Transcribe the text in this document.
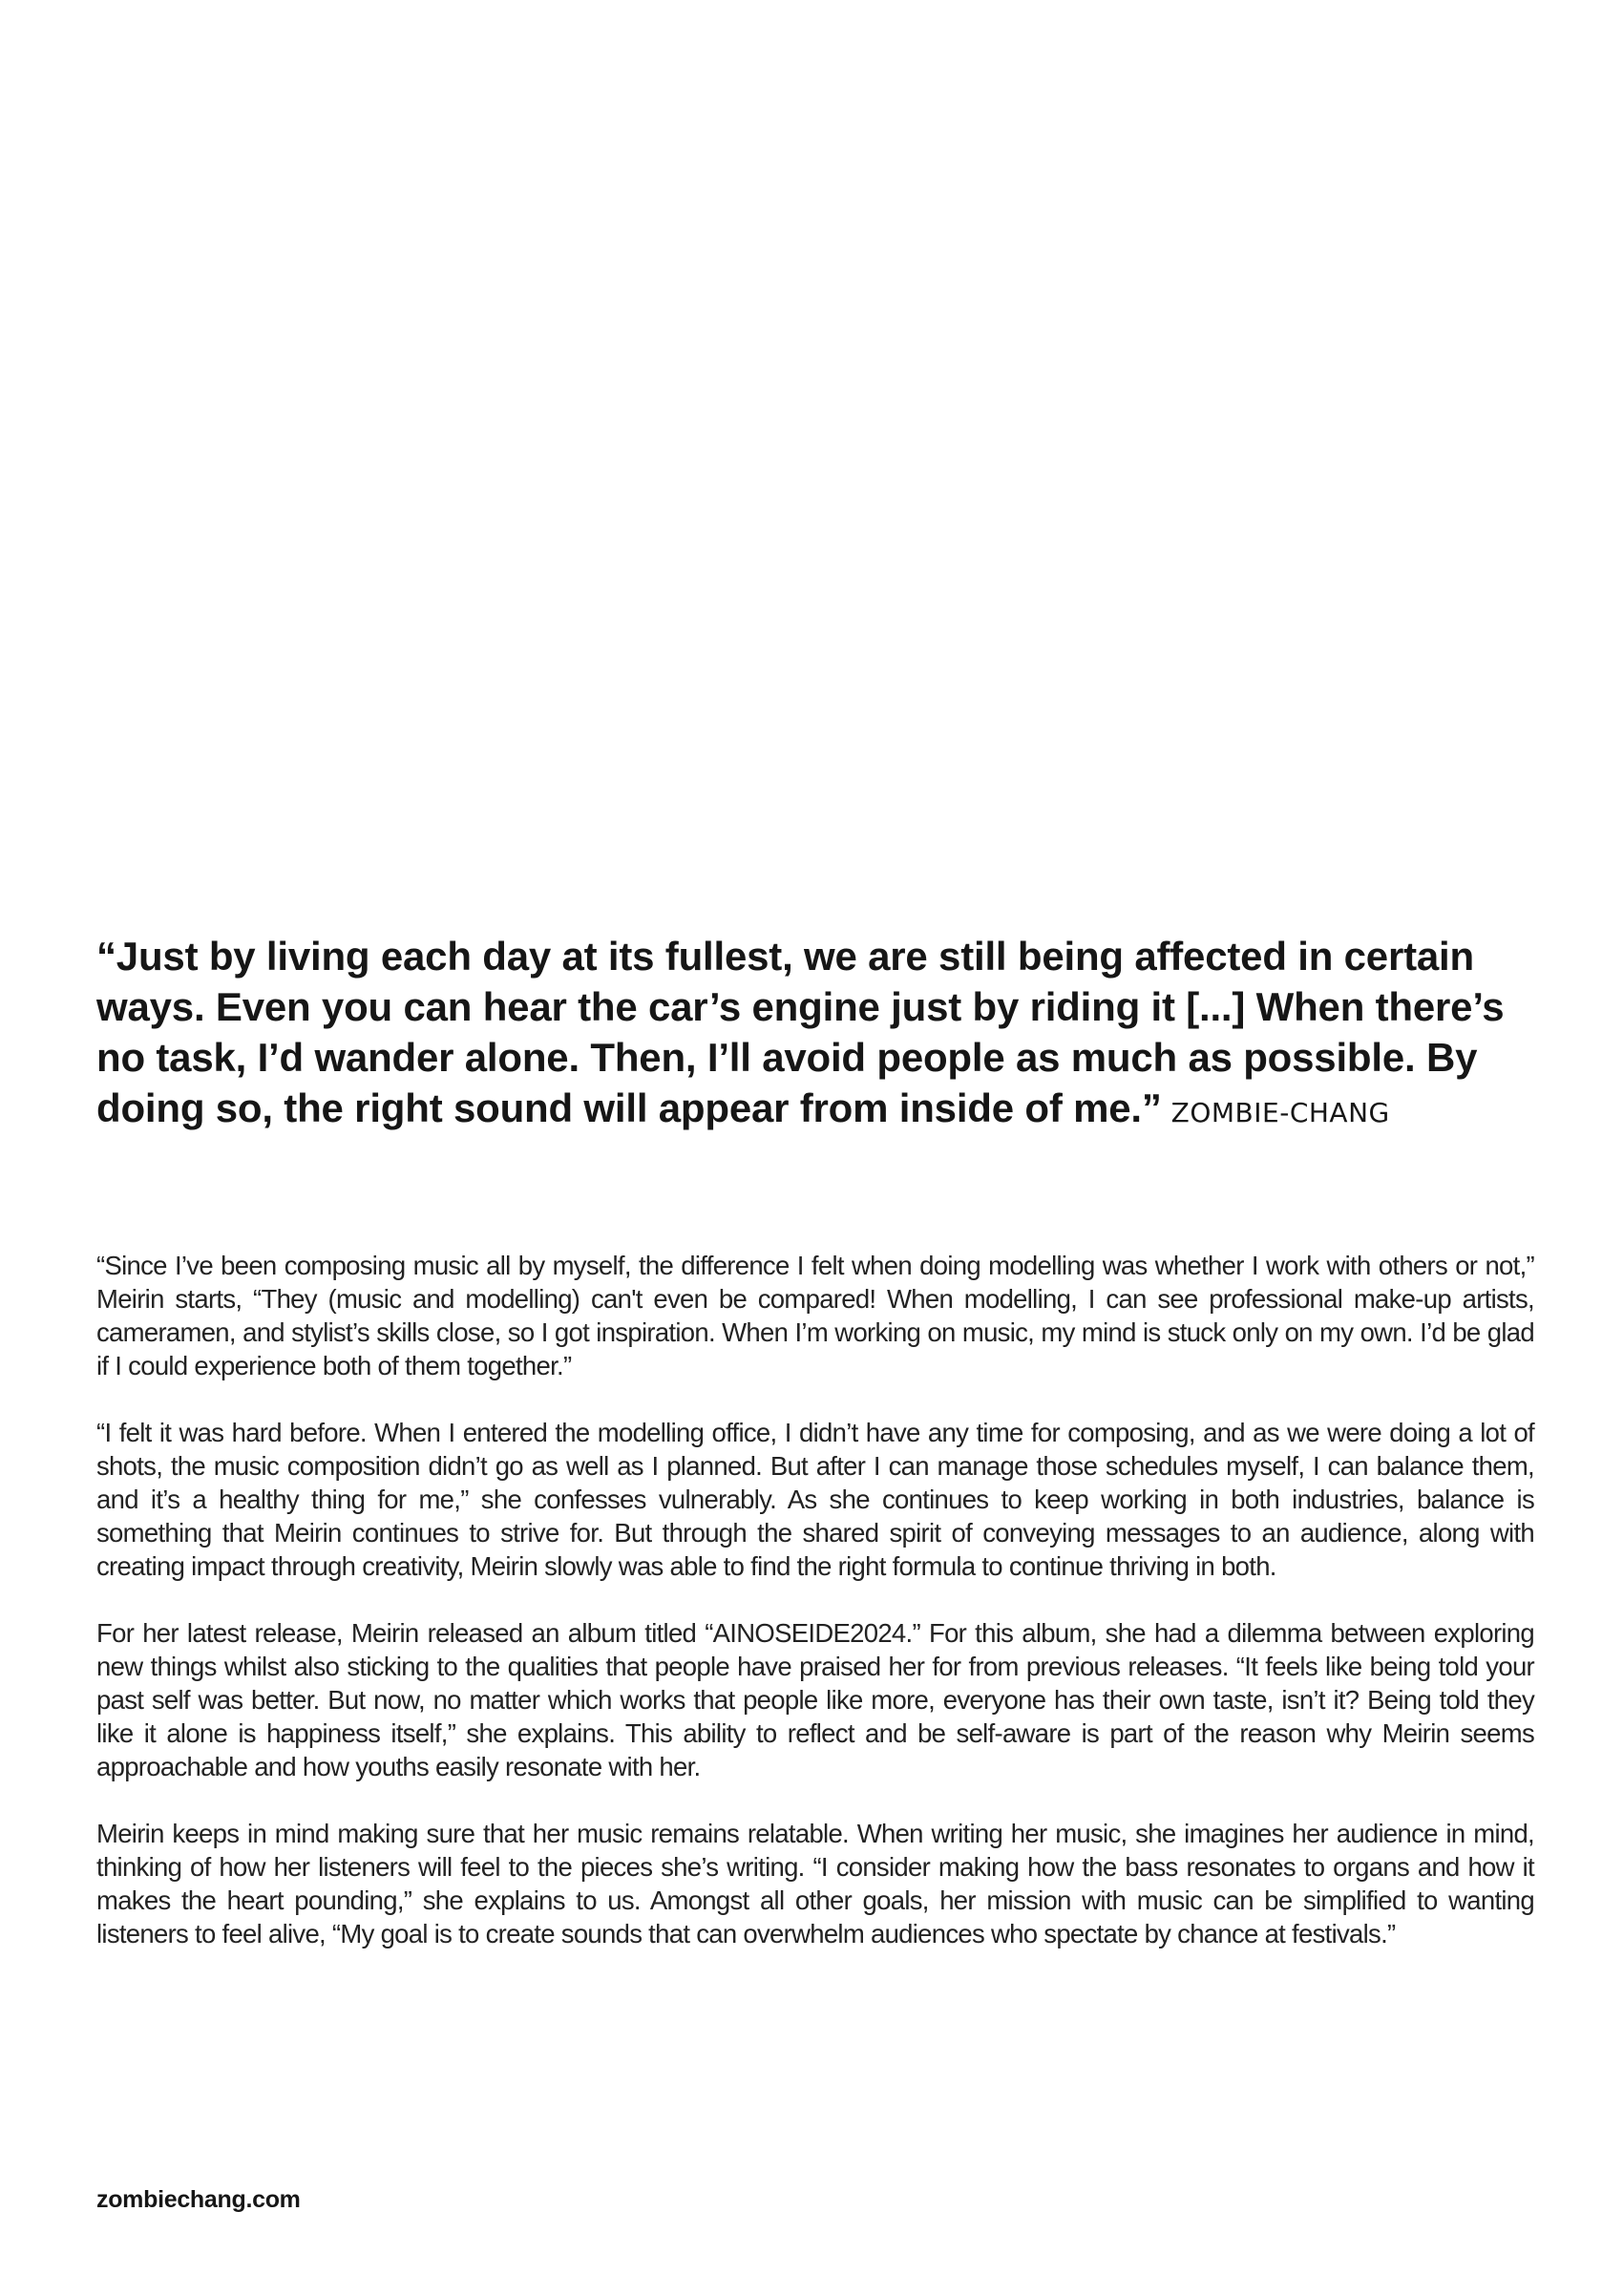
“Just by living each day at its fullest, we are still being affected in certain ways. Even you can hear the car’s engine just by riding it [...] When there’s no task, I’d wander alone. Then, I’ll avoid people as much as possible. By doing so, the right sound will appear from inside of me.” ZOMBIE-CHANG

“Since I’ve been composing music all by myself, the difference I felt when doing modelling was whether I work with others or not,” Meirin starts, “They (music and modelling) can't even be compared! When modelling, I can see professional make-up artists, cameramen, and stylist’s skills close, so I got inspiration. When I’m working on music, my mind is stuck only on my own. I’d be glad if I could experience both of them together.”

“I felt it was hard before. When I entered the modelling office, I didn’t have any time for composing, and as we were doing a lot of shots, the music composition didn’t go as well as I planned. But after I can manage those schedules myself, I can balance them, and it’s a healthy thing for me,” she confesses vulnerably. As she continues to keep working in both industries, balance is something that Meirin continues to strive for. But through the shared spirit of conveying messages to an audience, along with creating impact through creativity, Meirin slowly was able to find the right formula to continue thriving in both.

For her latest release, Meirin released an album titled “AINOSEIDE2024.” For this album, she had a dilemma between exploring new things whilst also sticking to the qualities that people have praised her for from previous releases. “It feels like being told your past self was better. But now, no matter which works that people like more, everyone has their own taste, isn’t it? Being told they like it alone is happiness itself,” she explains. This ability to reflect and be self-aware is part of the reason why Meirin seems approachable and how youths easily resonate with her.

Meirin keeps in mind making sure that her music remains relatable. When writing her music, she imagines her audience in mind, thinking of how her listeners will feel to the pieces she’s writing. “I consider making how the bass resonates to organs and how it makes the heart pounding,” she explains to us. Amongst all other goals, her mission with music can be simplified to wanting listeners to feel alive, “My goal is to create sounds that can overwhelm audiences who spectate by chance at festivals.”

zombiechang.com
